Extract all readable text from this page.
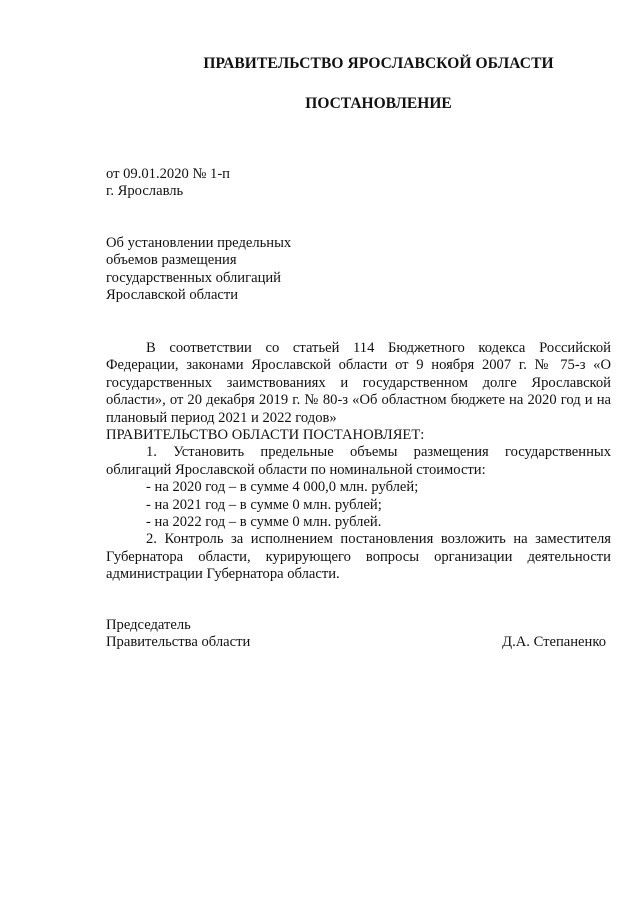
ПРАВИТЕЛЬСТВО ЯРОСЛАВСКОЙ ОБЛАСТИ
ПОСТАНОВЛЕНИЕ
от 09.01.2020 № 1-п
г. Ярославль
Об установлении предельных
объемов размещения
государственных облигаций
Ярославской области

В соответствии со статьей 114 Бюджетного кодекса Российской Федерации, законами Ярославской области от 9 ноября 2007 г. № 75-з «О государственных заимствованиях и государственном долге Ярославской области», от 20 декабря 2019 г. № 80-з «Об областном бюджете на 2020 год и на плановый период 2021 и 2022 годов»

ПРАВИТЕЛЬСТВО ОБЛАСТИ ПОСТАНОВЛЯЕТ:

1. Установить предельные объемы размещения государственных облигаций Ярославской области по номинальной стоимости:

- на 2020 год – в сумме 4 000,0 млн. рублей;

- на 2021 год – в сумме 0 млн. рублей;

- на 2022 год – в сумме 0 млн. рублей.

2. Контроль за исполнением постановления возложить на заместителя Губернатора области, курирующего вопросы организации деятельности администрации Губернатора области.

Председатель
Правительства области	Д.А. Степаненко
